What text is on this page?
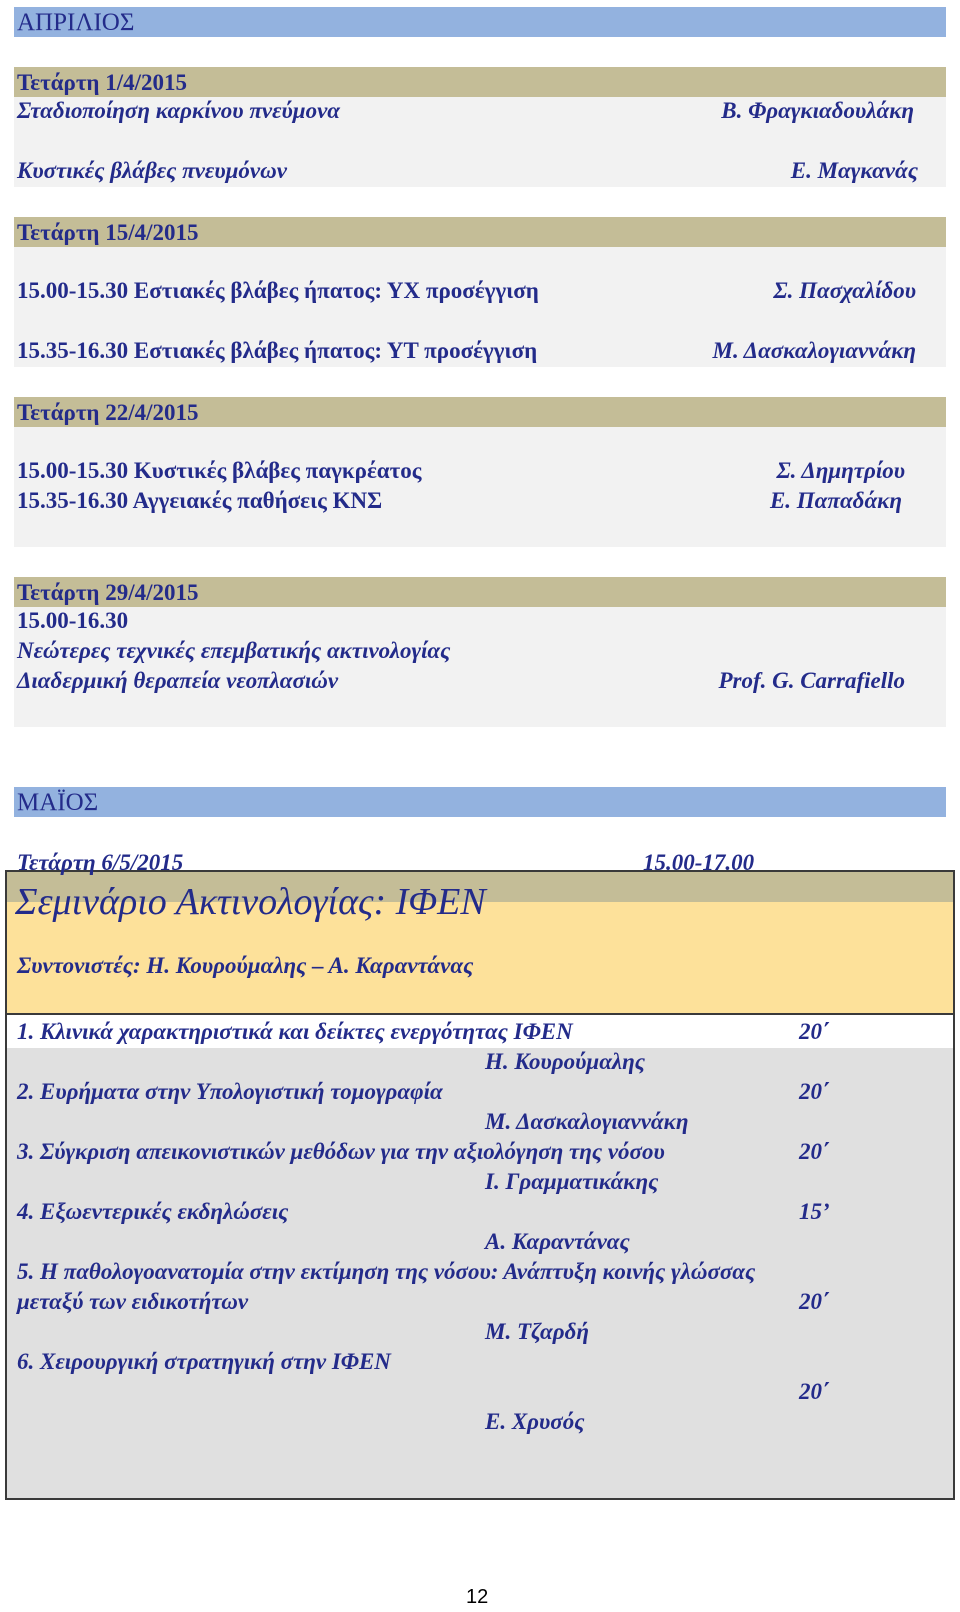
ΑΠΡΙΛΙΟΣ
Τετάρτη 1/4/2015
Σταδιοποίηση καρκίνου πνεύμονα	Β. Φραγκιαδουλάκη
Κυστικές βλάβες πνευμόνων	Ε. Μαγκανάς
Τετάρτη 15/4/2015
15.00-15.30 Εστιακές βλάβες ήπατος: ΥΧ προσέγγιση	Σ. Πασχαλίδου
15.35-16.30 Εστιακές βλάβες ήπατος: ΥΤ προσέγγιση	Μ. Δασκαλογιαννάκη
Τετάρτη 22/4/2015
15.00-15.30 Κυστικές βλάβες παγκρέατος	Σ. Δημητρίου
15.35-16.30 Αγγειακές παθήσεις ΚΝΣ	Ε. Παπαδάκη
Τετάρτη 29/4/2015
15.00-16.30
Νεώτερες τεχνικές επεμβατικής ακτινολογίας
Διαδερμική θεραπεία νεοπλασιών	Prof. G. Carrafiello
ΜΑΪΟΣ
Τετάρτη 6/5/2015	15.00-17.00
Σεμινάριο Ακτινολογίας: ΙΦΕΝ
Συντονιστές: Η. Κουρούμαλης – Α. Καραντάνας
1. Κλινικά χαρακτηριστικά και δείκτες ενεργότητας ΙΦΕΝ	20΄
Η. Κουρούμαλης
2. Ευρήματα στην Υπολογιστική τομογραφία	20΄
Μ. Δασκαλογιαννάκη
3. Σύγκριση απεικονιστικών μεθόδων για την αξιολόγηση της νόσου	20΄
Ι. Γραμματικάκης
4. Εξωεντερικές εκδηλώσεις	15’
Α. Καραντάνας
5. Η παθολογοανατομία στην εκτίμηση της νόσου: Ανάπτυξη κοινής γλώσσας
μεταξύ των ειδικοτήτων	20΄
Μ. Τζαρδή
6. Χειρουργική στρατηγική στην ΙΦΕΝ
20΄
Ε. Χρυσός
12
